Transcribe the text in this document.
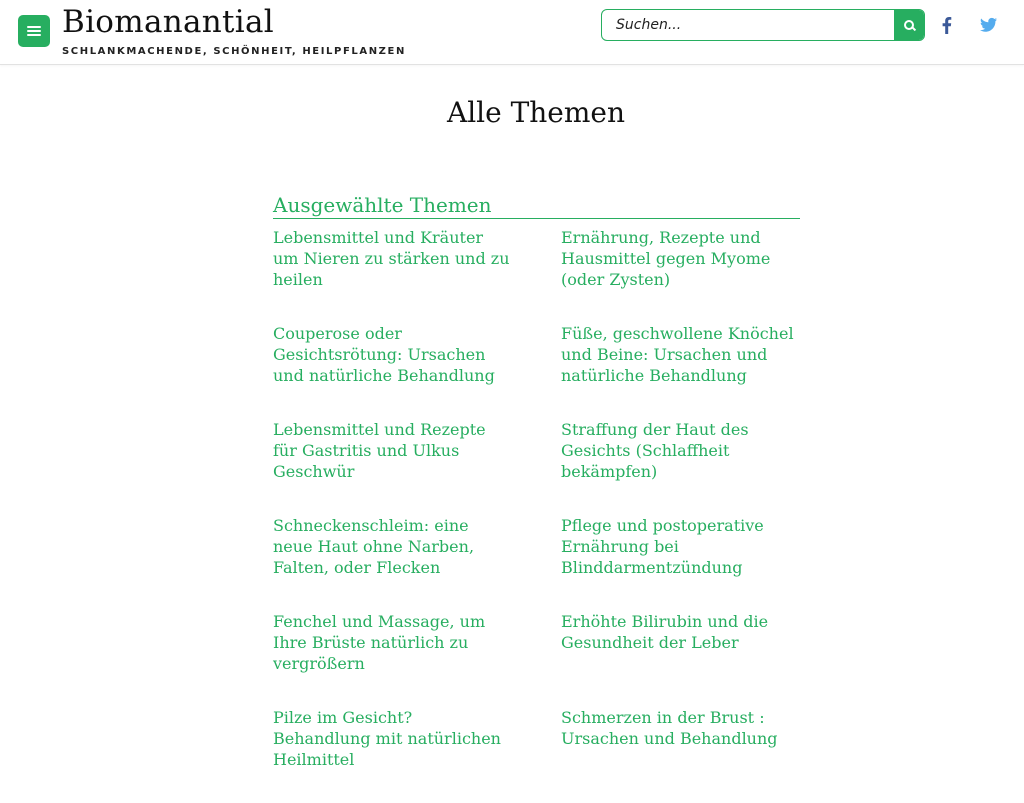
Biomanantial
SCHLANKMACHENDE, SCHÖNHEIT, HEILPFLANZEN
Suchen...
Alle Themen
Ausgewählte Themen
Lebensmittel und Kräuter um Nieren zu stärken und zu heilen
Ernährung, Rezepte und Hausmittel gegen Myome (oder Zysten)
Couperose oder Gesichtsrötung: Ursachen und natürliche Behandlung
Füße, geschwollene Knöchel und Beine: Ursachen und natürliche Behandlung
Lebensmittel und Rezepte für Gastritis und Ulkus Geschwür
Straffung der Haut des Gesichts (Schlaffheit bekämpfen)
Schneckenschleim: eine neue Haut ohne Narben, Falten, oder Flecken
Pflege und postoperative Ernährung bei Blinddarmentzündung
Fenchel und Massage, um Ihre Brüste natürlich zu vergrößern
Erhöhte Bilirubin und die Gesundheit der Leber
Pilze im Gesicht? Behandlung mit natürlichen Heilmittel
Schmerzen in der Brust : Ursachen und Behandlung
